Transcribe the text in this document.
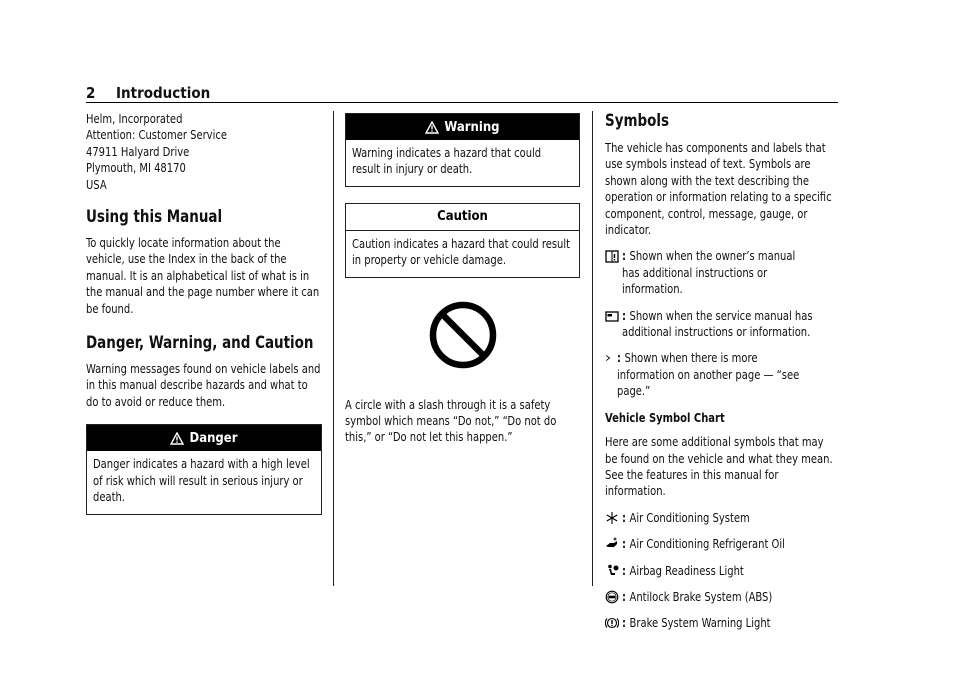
2 Introduction
Helm, Incorporated
Attention: Customer Service
47911 Halyard Drive
Plymouth, MI 48170
USA
Using this Manual

To quickly locate information about the vehicle, use the Index in the back of the manual. It is an alphabetical list of what is in the manual and the page number where it can be found.

Danger, Warning, and Caution

Warning messages found on vehicle labels and in this manual describe hazards and what to do to avoid or reduce them.

Danger

Danger indicates a hazard with a high level of risk which will result in serious injury or death.

Warning

Warning indicates a hazard that could result in injury or death.

Caution

Caution indicates a hazard that could result in property or vehicle damage.

A circle with a slash through it is a safety symbol which means “Do not,” “Do not do this,” or “Do not let this happen.”

Symbols

The vehicle has components and labels that use symbols instead of text. Symbols are shown along with the text describing the operation or information relating to a specific component, control, message, gauge, or indicator.

: Shown when the owner’s manual has additional instructions or information.
: Shown when the service manual has additional instructions or information.
: Shown when there is more information on another page — “see page.”

Vehicle Symbol Chart

Here are some additional symbols that may be found on the vehicle and what they mean. See the features in this manual for information.

: Air Conditioning System
: Air Conditioning Refrigerant Oil
: Airbag Readiness Light
: Antilock Brake System (ABS)
: Brake System Warning Light
